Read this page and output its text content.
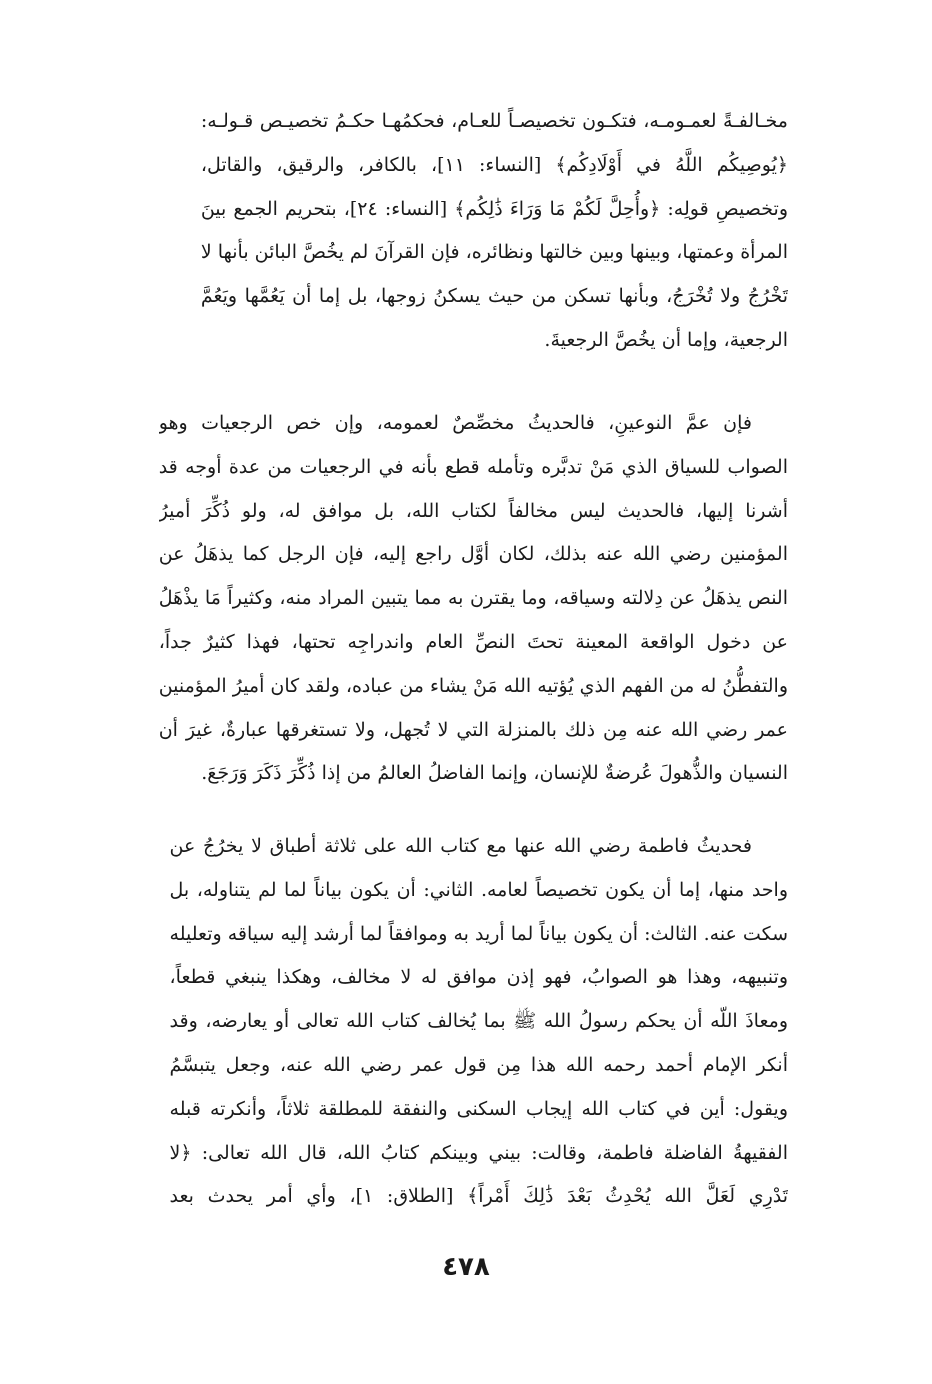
مخـالفـةً لعمـومـه، فتكـون تخصيصـاً للعـام، فحكمُهـا حكـمُ تخصيـص قـولـه:
﴿يُوصِيكُم اللَّهُ في أَوْلَادِكُم﴾ [النساء: ١١]، بالكافر، والرقيق، والقاتل،
وتخصيصِ قولِه: ﴿وأُحِلَّ لَكُمْ مَا وَرَاءَ ذَٰلِكُم﴾ [النساء: ٢٤]، بتحريم الجمع بينَ
المرأة وعمتها، وبينها وبين خالتها ونظائره، فإن القرآنَ لم يخُصَّ البائن بأنها لا
تَخْرُجُ ولا تُخْرَجُ، وبأنها تسكن من حيث يسكنُ زوجها، بل إما أن يَعُمَّها ويَعُمَّ
الرجعية، وإما أن يخُصَّ الرجعيةَ.

فإن عمَّ النوعينِ، فالحديثُ مخصِّصٌ لعمومه، وإن خص الرجعيات وهو
الصواب للسياق الذي مَنْ تدبَّره وتأمله قطع بأنه في الرجعيات من عدة أوجه قد
أشرنا إليها، فالحديث ليس مخالفاً لكتاب الله، بل موافق له، ولو ذُكِّرَ أميرُ
المؤمنين رضي الله عنه بذلك، لكان أوَّل راجع إليه، فإن الرجل كما يذهَلُ عن
النص يذهَلُ عن دِلالته وسياقه، وما يقترن به مما يتبين المراد منه، وكثيراً مَا يذْهَلُ
عن دخول الواقعة المعينة تحتَ النصِّ العام واندراجِه تحتها، فهذا كثيرٌ جداً،
والتفطُّنُ له من الفهم الذي يُؤتيه الله مَنْ يشاء من عباده، ولقد كان أميرُ المؤمنين
عمر رضي الله عنه مِن ذلك بالمنزلة التي لا تُجهل، ولا تستغرقها عبارةٌ، غيرَ أن
النسيان والذُّهولَ عُرضةٌ للإنسان، وإنما الفاضلُ العالمُ من إذا ذُكِّرَ ذَكَرَ وَرَجَعَ.

فحديثُ فاطمة رضي الله عنها مع كتاب الله على ثلاثة أطباق لا يخرُجُ عن
واحد منها، إما أن يكون تخصيصاً لعامه. الثاني: أن يكون بياناً لما لم يتناوله، بل
سكت عنه. الثالث: أن يكون بياناً لما أريد به وموافقاً لما أرشد إليه سياقه وتعليله
وتنبيهه، وهذا هو الصوابُ، فهو إذن موافق له لا مخالف، وهكذا ينبغي قطعاً،
ومعاذَ اللّه أن يحكم رسولُ الله ﷺ بما يُخالف كتاب الله تعالى أو يعارضه، وقد
أنكر الإمام أحمد رحمه الله هذا مِن قول عمر رضي الله عنه، وجعل يتبسَّمُ
ويقول: أين في كتاب الله إيجاب السكنى والنفقة للمطلقة ثلاثاً، وأنكرته قبله
الفقيهةُ الفاضلة فاطمة، وقالت: بيني وبينكم كتابُ الله، قال الله تعالى: ﴿لا
تَدْرِي لَعَلَّ الله يُحْدِثُ بَعْدَ ذَٰلِكَ أَمْراً﴾ [الطلاق: ١]، وأي أمر يحدث بعد

٤٧٨
